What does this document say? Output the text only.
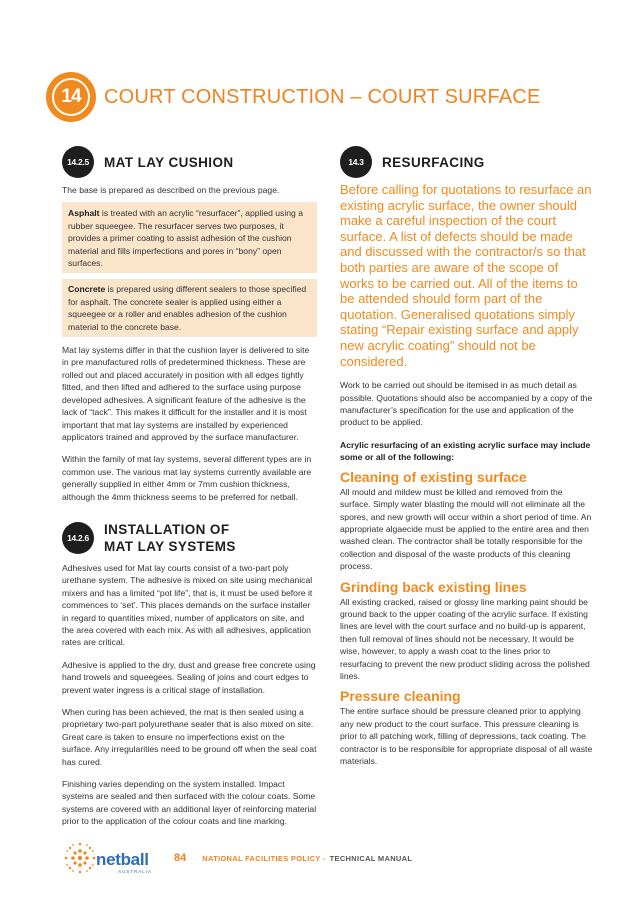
14	COURT CONSTRUCTION – COURT SURFACE
14.2.5	MAT LAY CUSHION

The base is prepared as described on the previous page.

Asphalt is treated with an acrylic “resurfacer”, applied using a rubber squeegee. The resurfacer serves two purposes, it provides a primer coating to assist adhesion of the cushion material and fills imperfections and pores in “bony” open surfaces.

Concrete is prepared using different sealers to those specified for asphalt. The concrete sealer is applied using either a squeegee or a roller and enables adhesion of the cushion material to the concrete base.

Mat lay systems differ in that the cushion layer is delivered to site in pre manufactured rolls of predetermined thickness. These are rolled out and placed accurately in position with all edges tightly fitted, and then lifted and adhered to the surface using purpose developed adhesives. A significant feature of the adhesive is the lack of “tack”. This makes it difficult for the installer and it is most important that mat lay systems are installed by experienced applicators trained and approved by the surface manufacturer.

Within the family of mat lay systems, several different types are in common use. The various mat lay systems currently available are generally supplied in either 4mm or 7mm cushion thickness, although the 4mm thickness seems to be preferred for netball.

14.2.6
INSTALLATION OF
MAT LAY SYSTEMS

Adhesives used for Mat lay courts consist of a two-part poly urethane system. The adhesive is mixed on site using mechanical mixers and has a limited “pot life”, that is, it must be used before it commences to ‘set’. This places demands on the surface installer in regard to quantities mixed, number of applicators on site, and the area covered with each mix. As with all adhesives, application rates are critical.

Adhesive is applied to the dry, dust and grease free concrete using hand trowels and squeegees. Sealing of joins and court edges to prevent water ingress is a critical stage of installation.

When curing has been achieved, the mat is then sealed using a proprietary two-part polyurethane sealer that is also mixed on site. Great care is taken to ensure no imperfections exist on the surface. Any irregularities need to be ground off when the seal coat has cured.

Finishing varies depending on the system installed. Impact systems are sealed and then surfaced with the colour coats. Some systems are covered with an additional layer of reinforcing material prior to the application of the colour coats and line marking.

14.3	RESURFACING

Before calling for quotations to resurface an existing acrylic surface, the owner should make a careful inspection of the court surface. A list of defects should be made and discussed with the contractor/s so that both parties are aware of the scope of works to be carried out. All of the items to be attended should form part of the quotation. Generalised quotations simply stating “Repair existing surface and apply new acrylic coating” should not be considered.

Work to be carried out should be itemised in as much detail as possible. Quotations should also be accompanied by a copy of the manufacturer’s specification for the use and application of the product to be applied.

Acrylic resurfacing of an existing acrylic surface may include some or all of the following:

Cleaning of existing surface

All mould and mildew must be killed and removed from the surface. Simply water blasting the mould will not eliminate all the spores, and new growth will occur within a short period of time. An appropriate algaecide must be applied to the entire area and then washed clean. The contractor shall be totally responsible for the collection and disposal of the waste products of this cleaning process.

Grinding back existing lines

All existing cracked, raised or glossy line marking paint should be ground back to the upper coating of the acrylic surface. If existing lines are level with the court surface and no build-up is apparent, then full removal of lines should not be necessary. It would be wise, however, to apply a wash coat to the lines prior to resurfacing to prevent the new product sliding across the polished lines.

Pressure cleaning

The entire surface should be pressure cleaned prior to applying any new product to the court surface. This pressure cleaning is prior to all patching work, filling of depressions, tack coating. The contractor is to be responsible for appropriate disposal of all waste materials.

netball
AUSTRALIA
84 NATIONAL FACILITIES POLICY - TECHNICAL MANUAL
